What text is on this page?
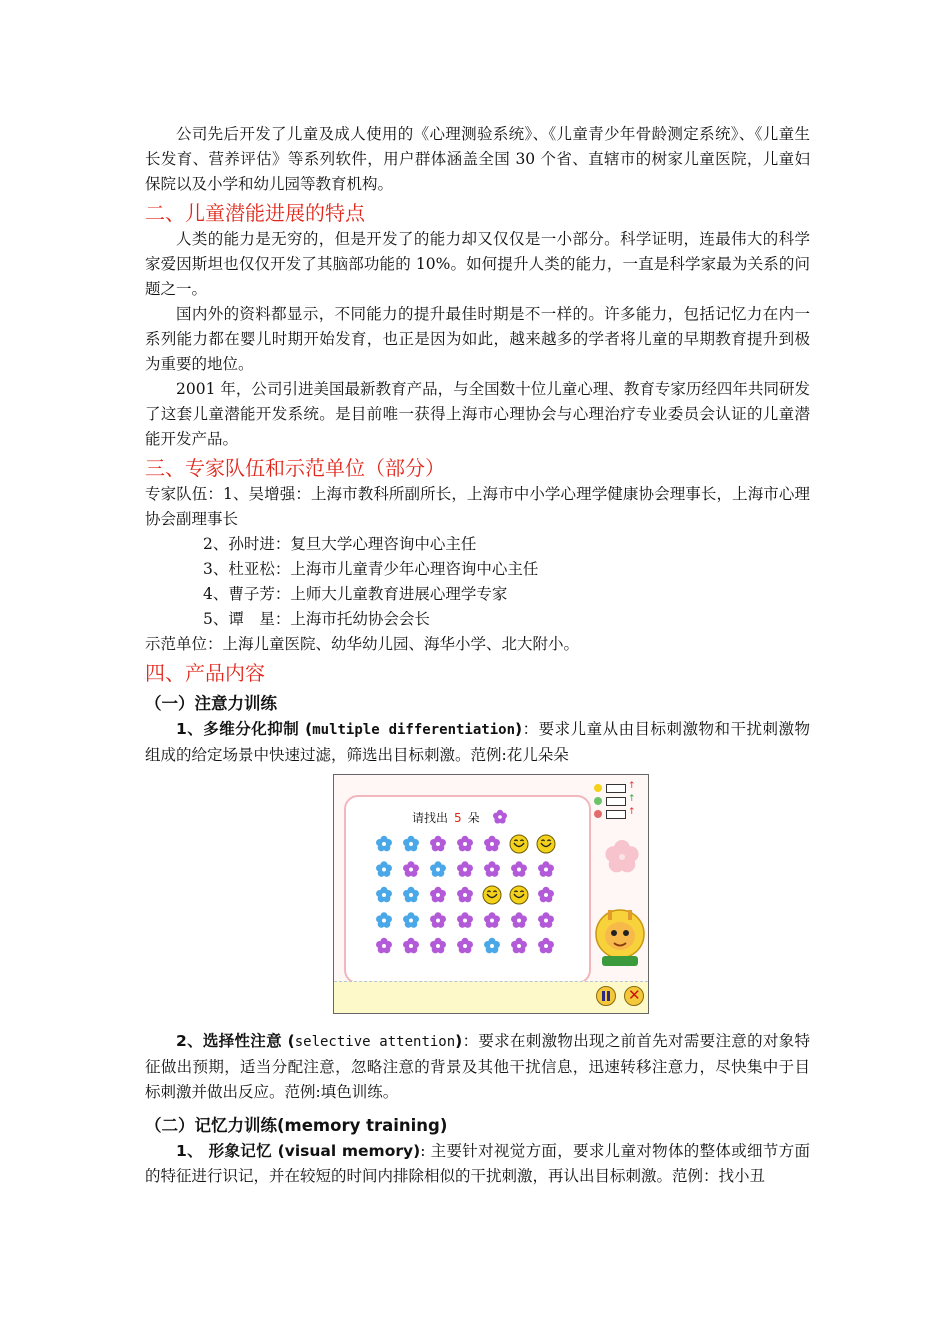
公司先后开发了儿童及成人使用的《心理测验系统》、《儿童青少年骨龄测定系统》、《儿童生长发育、营养评估》等系列软件，用户群体涵盖全国 30 个省、直辖市的树家儿童医院，儿童妇保院以及小学和幼儿园等教育机构。

二、儿童潜能进展的特点

人类的能力是无穷的，但是开发了的能力却又仅仅是一小部分。科学证明，连最伟大的科学家爱因斯坦也仅仅开发了其脑部功能的 10%。如何提升人类的能力，一直是科学家最为关系的问题之一。

国内外的资料都显示，不同能力的提升最佳时期是不一样的。许多能力，包括记忆力在内一系列能力都在婴儿时期开始发育，也正是因为如此，越来越多的学者将儿童的早期教育提升到极为重要的地位。

2001 年，公司引进美国最新教育产品，与全国数十位儿童心理、教育专家历经四年共同研发了这套儿童潜能开发系统。是目前唯一获得上海市心理协会与心理治疗专业委员会认证的儿童潜能开发产品。

三、专家队伍和示范单位（部分）

专家队伍：1、吴增强：上海市教科所副所长，上海市中小学心理学健康协会理事长，上海市心理协会副理事长

2、孙时进：复旦大学心理咨询中心主任

3、杜亚松：上海市儿童青少年心理咨询中心主任

4、曹子芳：上师大儿童教育进展心理学专家

5、谭　星：上海市托幼协会会长

示范单位：上海儿童医院、幼华幼儿园、海华小学、北大附小。

四、产品内容
（一）注意力训练

1、多维分化抑制 (multiple differentiation)：要求儿童从由目标刺激物和干扰刺激物组成的给定场景中快速过滤，筛选出目标刺激。范例:花儿朵朵

请找出 5 朵
↑
↑
↑
✕

2、选择性注意 (selective attention)：要求在刺激物出现之前首先对需要注意的对象特征做出预期，适当分配注意，忽略注意的背景及其他干扰信息，迅速转移注意力，尽快集中于目标刺激并做出反应。范例:填色训练。

（二）记忆力训练(memory training)

1、 形象记忆 (visual memory): 主要针对视觉方面，要求儿童对物体的整体或细节方面的特征进行识记，并在较短的时间内排除相似的干扰刺激，再认出目标刺激。范例：找小丑
